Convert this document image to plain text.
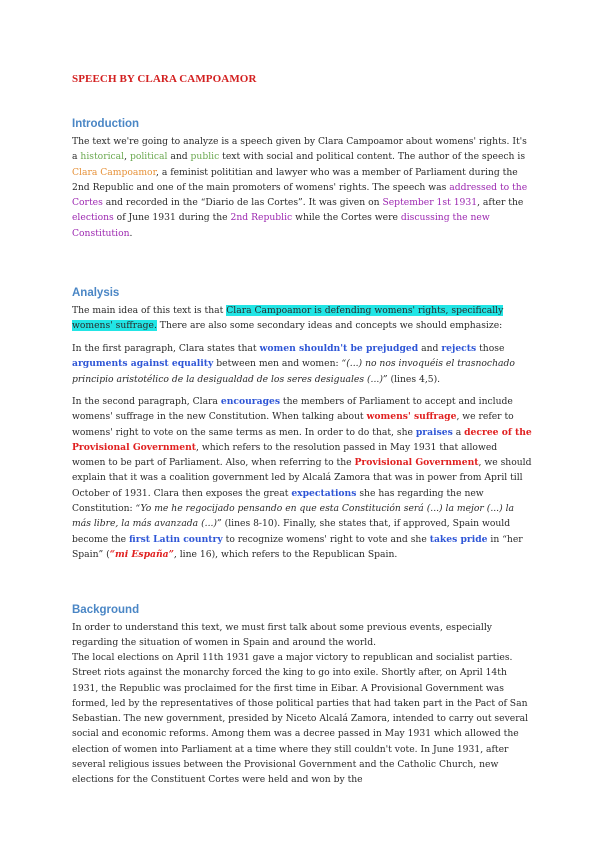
SPEECH BY CLARA CAMPOAMOR
Introduction
The text we're going to analyze is a speech given by Clara Campoamor about womens' rights. It's a historical, political and public text with social and political content. The author of the speech is Clara Campoamor, a feminist polititian and lawyer who was a member of Parliament during the 2nd Republic and one of the main promoters of womens' rights. The speech was addressed to the Cortes and recorded in the “Diario de las Cortes”. It was given on September 1st 1931, after the elections of June 1931 during the 2nd Republic while the Cortes were discussing the new Constitution.
Analysis
The main idea of this text is that Clara Campoamor is defending womens' rights, specifically womens' suffrage. There are also some secondary ideas and concepts we should emphasize:
In the first paragraph, Clara states that women shouldn't be prejudged and rejects those arguments against equality between men and women: “(...) no nos invoquéis el trasnochado principio aristotélico de la desigualdad de los seres desiguales (...)” (lines 4,5).
In the second paragraph, Clara encourages the members of Parliament to accept and include womens' suffrage in the new Constitution. When talking about womens' suffrage, we refer to womens' right to vote on the same terms as men. In order to do that, she praises a decree of the Provisional Government, which refers to the resolution passed in May 1931 that allowed women to be part of Parliament. Also, when referring to the Provisional Government, we should explain that it was a coalition government led by Alcalá Zamora that was in power from April till October of 1931. Clara then exposes the great expectations she has regarding the new Constitution: “Yo me he regocijado pensando en que esta Constitución será (...) la mejor (...) la más libre, la más avanzada (...)” (lines 8-10). Finally, she states that, if approved, Spain would become the first Latin country to recognize womens' right to vote and she takes pride in “her Spain” (“mi España”, line 16), which refers to the Republican Spain.
Background
In order to understand this text, we must first talk about some previous events, especially regarding the situation of women in Spain and around the world.
The local elections on April 11th 1931 gave a major victory to republican and socialist parties. Street riots against the monarchy forced the king to go into exile. Shortly after, on April 14th 1931, the Republic was proclaimed for the first time in Eibar. A Provisional Government was formed, led by the representatives of those political parties that had taken part in the Pact of San Sebastian. The new government, presided by Niceto Alcalá Zamora, intended to carry out several social and economic reforms. Among them was a decree passed in May 1931 which allowed the election of women into Parliament at a time where they still couldn't vote. In June 1931, after several religious issues between the Provisional Government and the Catholic Church, new elections for the Constituent Cortes were held and won by the
